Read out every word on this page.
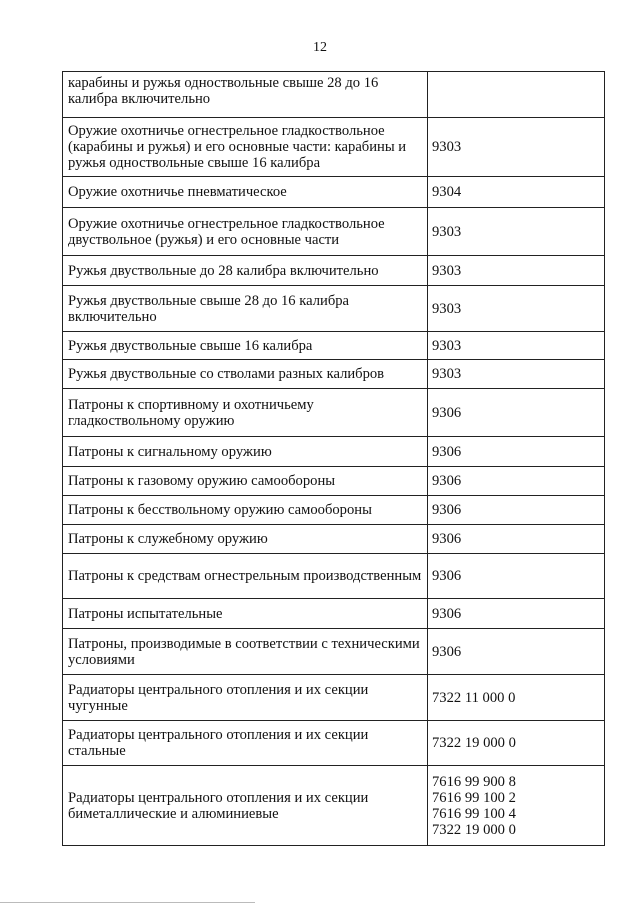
12
карабины и ружья одноствольные свыше 28 до 16 калибра включительно	
Оружие охотничье огнестрельное гладкоствольное (карабины и ружья) и его основные части: карабины и ружья одноствольные свыше 16 калибра	9303

Оружие охотничье пневматическое	9304

Оружие охотничье огнестрельное гладкоствольное двуствольное (ружья) и его основные части	9303

Ружья двуствольные до 28 калибра включительно	9303

Ружья двуствольные свыше 28 до 16 калибра включительно	9303

Ружья двуствольные свыше 16 калибра	9303

Ружья двуствольные со стволами разных калибров	9303

Патроны к спортивному и охотничьему гладкоствольному оружию	9306

Патроны к сигнальному оружию	9306

Патроны к газовому оружию самообороны	9306

Патроны к бесствольному оружию самообороны	9306

Патроны к служебному оружию	9306

Патроны к средствам огнестрельным производственным	9306

Патроны испытательные	9306

Патроны, производимые в соответствии с техническими условиями	9306

Радиаторы центрального отопления и их секции чугунные	7322 11 000 0

Радиаторы центрального отопления и их секции стальные	7322 19 000 0

Радиаторы центрального отопления и их секции биметаллические и алюминиевые	7616 99 900 8
7616 99 100 2
7616 99 100 4
7322 19 000 0
